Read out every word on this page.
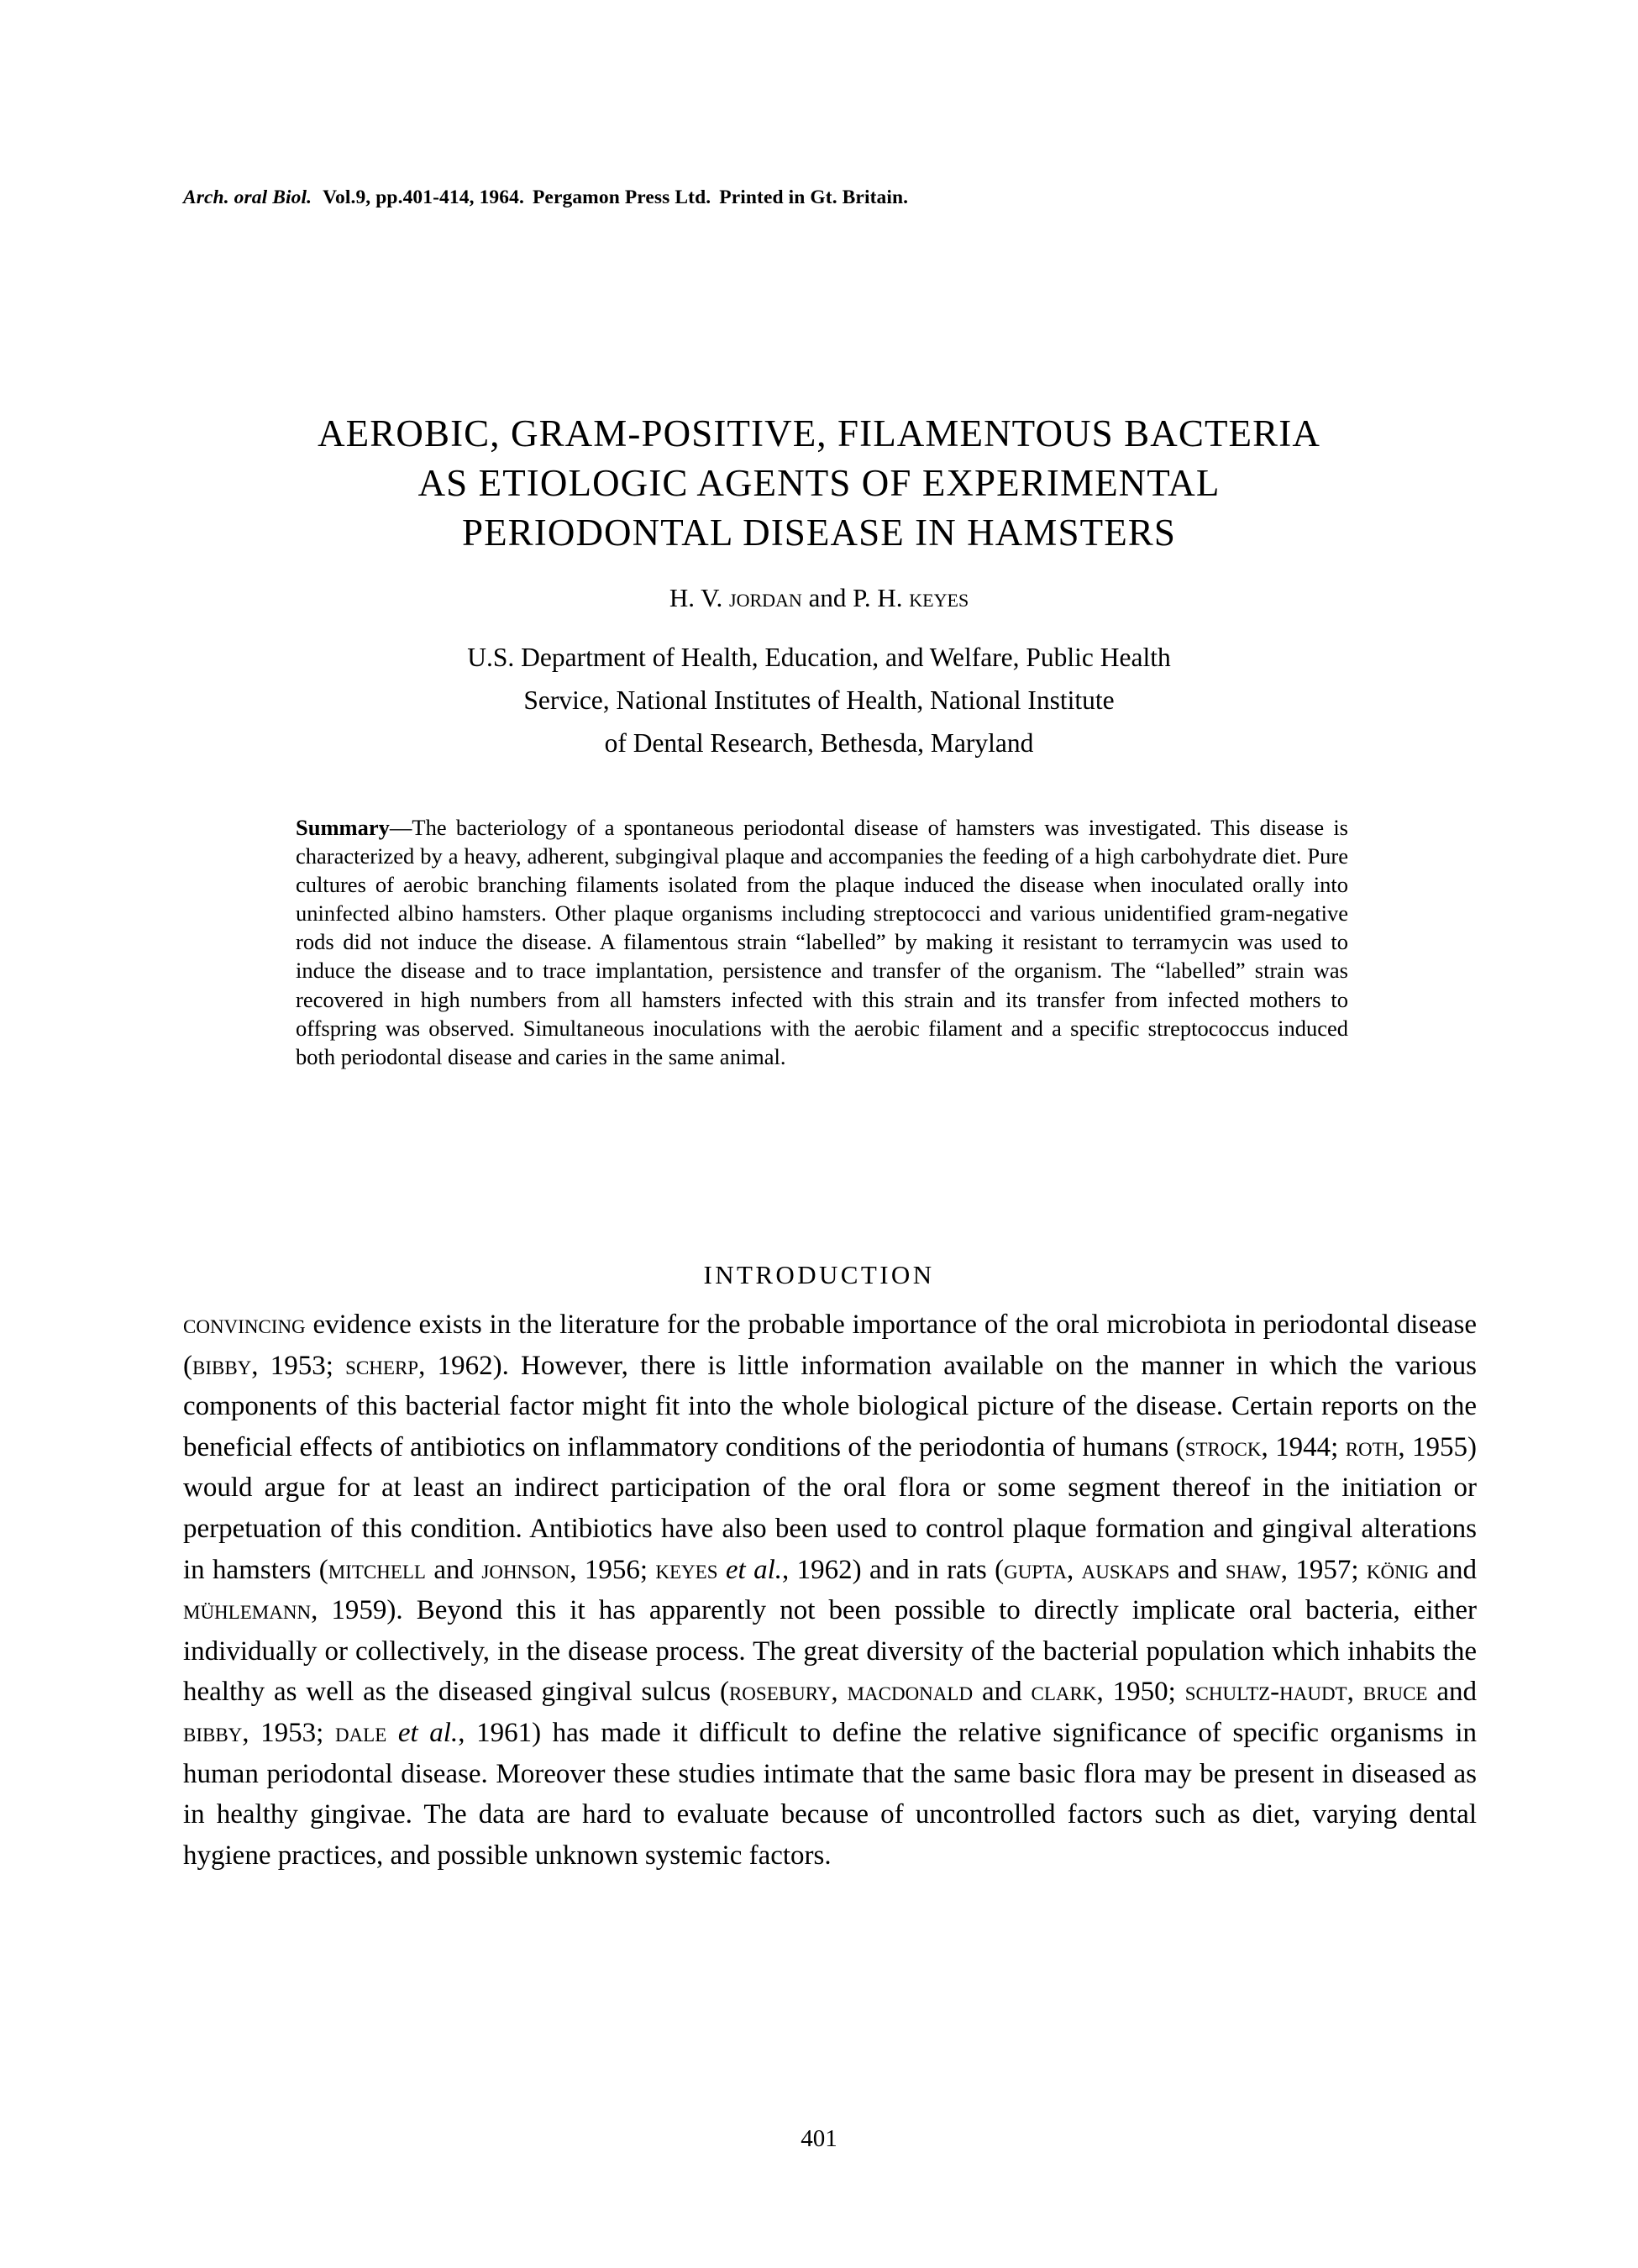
Arch. oral Biol. Vol.9, pp.401-414, 1964. Pergamon Press Ltd. Printed in Gt. Britain.
AEROBIC, GRAM-POSITIVE, FILAMENTOUS BACTERIA
AS ETIOLOGIC AGENTS OF EXPERIMENTAL
PERIODONTAL DISEASE IN HAMSTERS
H. V. jordan and P. H. keyes
U.S. Department of Health, Education, and Welfare, Public Health
Service, National Institutes of Health, National Institute
of Dental Research, Bethesda, Maryland
Summary—The bacteriology of a spontaneous periodontal disease of hamsters was investigated. This disease is characterized by a heavy, adherent, subgingival plaque and accompanies the feeding of a high carbohydrate diet. Pure cultures of aerobic branching filaments isolated from the plaque induced the disease when inoculated orally into uninfected albino hamsters. Other plaque organisms including streptococci and various unidentified gram-negative rods did not induce the disease. A filamentous strain “labelled” by making it resistant to terramycin was used to induce the disease and to trace implantation, persistence and transfer of the organism. The “labelled” strain was recovered in high numbers from all hamsters infected with this strain and its transfer from infected mothers to offspring was observed. Simultaneous inoculations with the aerobic filament and a specific streptococcus induced both periodontal disease and caries in the same animal.
INTRODUCTION
convincing evidence exists in the literature for the probable importance of the oral microbiota in periodontal disease (bibby, 1953; scherp, 1962). However, there is little information available on the manner in which the various components of this bacterial factor might fit into the whole biological picture of the disease. Certain reports on the beneficial effects of antibiotics on inflammatory conditions of the periodontia of humans (strock, 1944; roth, 1955) would argue for at least an indirect participation of the oral flora or some segment thereof in the initiation or perpetuation of this condition. Antibiotics have also been used to control plaque formation and gingival alterations in hamsters (mitchell and johnson, 1956; keyes et al., 1962) and in rats (gupta, auskaps and shaw, 1957; könig and mühlemann, 1959). Beyond this it has apparently not been possible to directly implicate oral bacteria, either individually or collectively, in the disease process. The great diversity of the bacterial population which inhabits the healthy as well as the diseased gingival sulcus (rosebury, macdonald and clark, 1950; schultz-haudt, bruce and bibby, 1953; dale et al., 1961) has made it difficult to define the relative significance of specific organisms in human periodontal disease. Moreover these studies intimate that the same basic flora may be present in diseased as in healthy gingivae. The data are hard to evaluate because of uncontrolled factors such as diet, varying dental hygiene practices, and possible unknown systemic factors.
401
